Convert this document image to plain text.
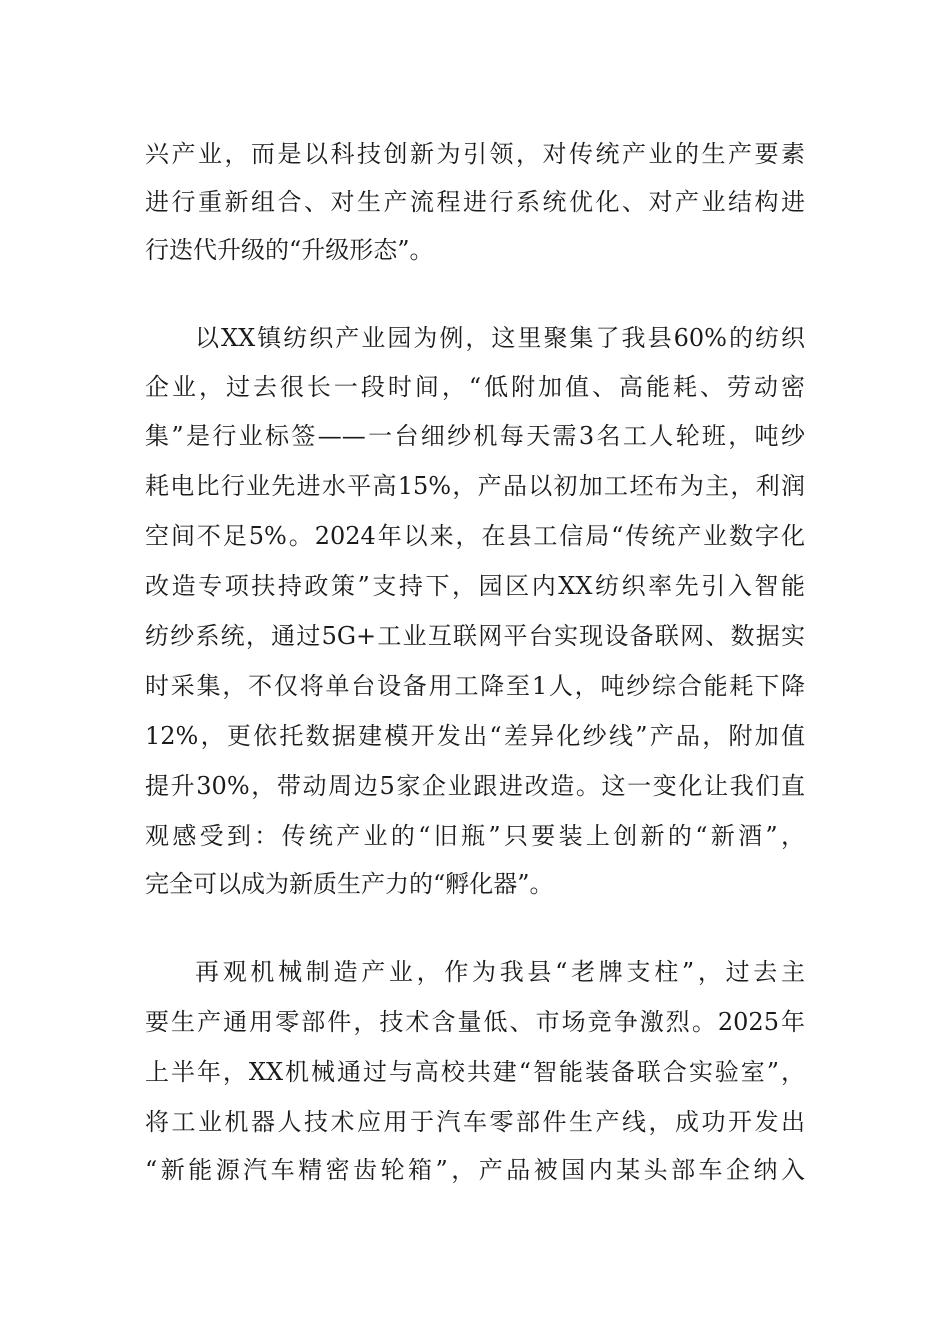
兴产业，而是以科技创新为引领，对传统产业的生产要素
进行重新组合、对生产流程进行系统优化、对产业结构进
行迭代升级的“升级形态”。
以XX镇纺织产业园为例，这里聚集了我县60%的纺织
企业，过去很长一段时间，“低附加值、高能耗、劳动密
集”是行业标签——一台细纱机每天需3名工人轮班，吨纱
耗电比行业先进水平高15%，产品以初加工坯布为主，利润
空间不足5%。2024年以来，在县工信局“传统产业数字化
改造专项扶持政策”支持下，园区内XX纺织率先引入智能
纺纱系统，通过5G+工业互联网平台实现设备联网、数据实
时采集，不仅将单台设备用工降至1人，吨纱综合能耗下降
12%，更依托数据建模开发出“差异化纱线”产品，附加值
提升30%，带动周边5家企业跟进改造。这一变化让我们直
观感受到：传统产业的“旧瓶”只要装上创新的“新酒”，
完全可以成为新质生产力的“孵化器”。
再观机械制造产业，作为我县“老牌支柱”，过去主
要生产通用零部件，技术含量低、市场竞争激烈。2025年
上半年，XX机械通过与高校共建“智能装备联合实验室”，
将工业机器人技术应用于汽车零部件生产线，成功开发出
“新能源汽车精密齿轮箱”，产品被国内某头部车企纳入
